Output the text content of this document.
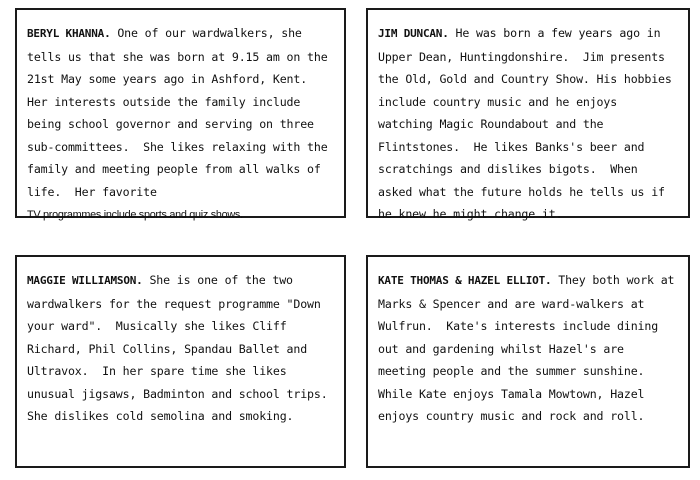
BERYL KHANNA. One of our wardwalkers, she tells us that she was born at 9.15 am on the 21st May some years ago in Ashford, Kent.  Her interests outside the family include being school governor and serving on three sub-committees.  She likes relaxing with the family and meeting people from all walks of life.  Her favorite
TV programmes include sports and quiz shows.

JIM DUNCAN. He was born a few years ago in Upper Dean, Huntingdonshire.  Jim presents the Old, Gold and Country Show. His hobbies include country music and he enjoys watching Magic Roundabout and the Flintstones.  He likes Banks's beer and scratchings and dislikes bigots.  When asked what the future holds he tells us if he knew he might change it.

MAGGIE WILLIAMSON. She is one of the two wardwalkers for the request programme "Down your ward".  Musically she likes Cliff Richard, Phil Collins, Spandau Ballet and Ultravox.  In her spare time she likes unusual jigsaws, Badminton and school trips.  She dislikes cold semolina and smoking.

KATE THOMAS & HAZEL ELLIOT. They both work at Marks & Spencer and are ward-walkers at Wulfrun.  Kate's interests include dining out and gardening whilst Hazel's are meeting people and the summer sunshine.  While Kate enjoys Tamala Mowtown, Hazel enjoys country music and rock and roll.
